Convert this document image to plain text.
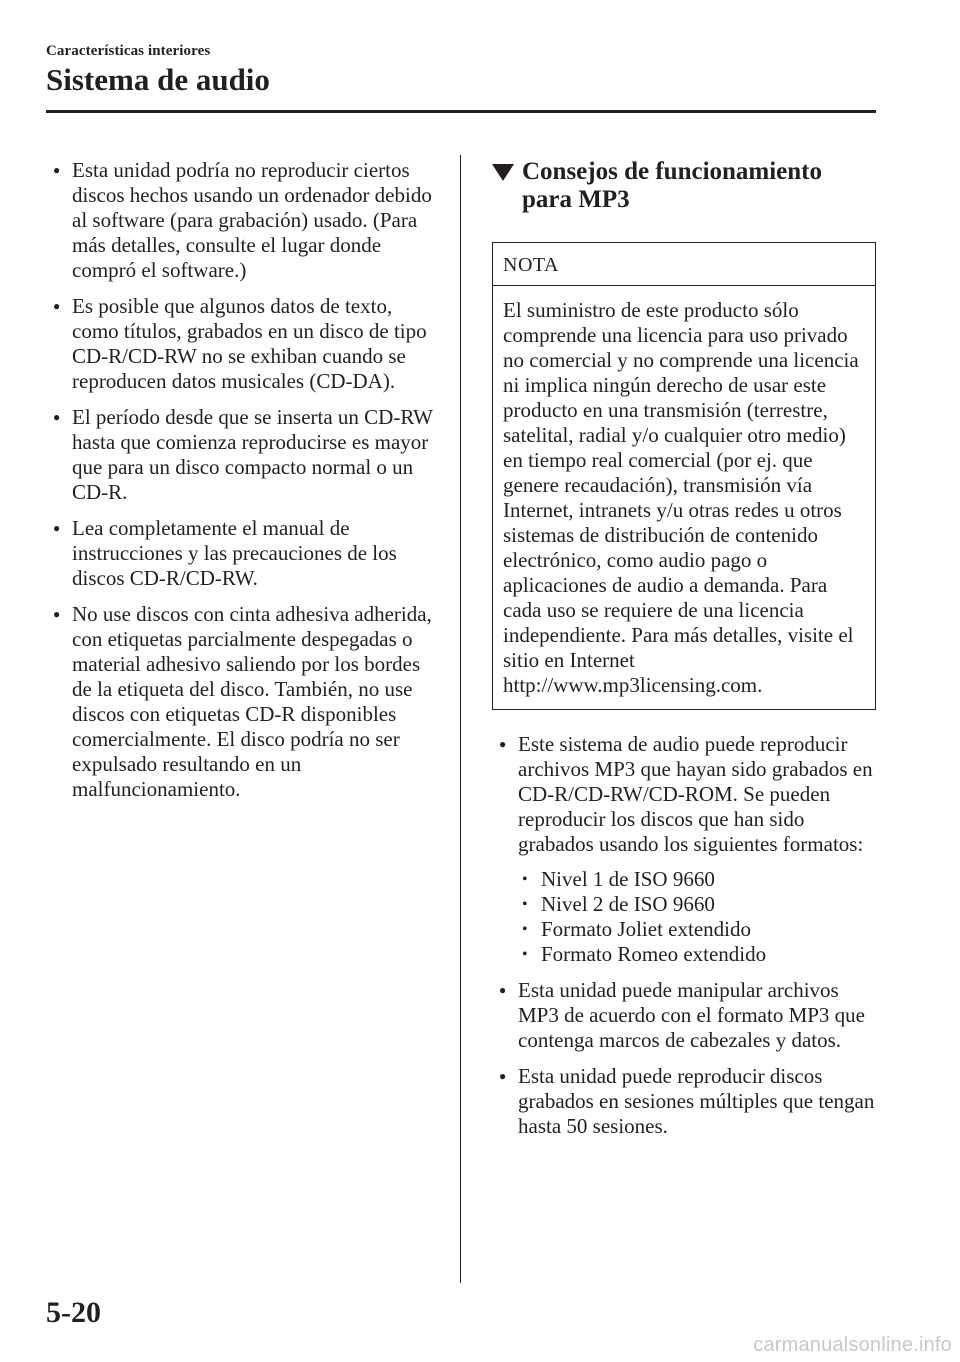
Características interiores
Sistema de audio
● Esta unidad podría no reproducir ciertos discos hechos usando un ordenador debido al software (para grabación) usado. (Para más detalles, consulte el lugar donde compró el software.)
● Es posible que algunos datos de texto, como títulos, grabados en un disco de tipo CD-R/CD-RW no se exhiban cuando se reproducen datos musicales (CD-DA).
● El período desde que se inserta un CD-RW hasta que comienza reproducirse es mayor que para un disco compacto normal o un CD-R.
● Lea completamente el manual de instrucciones y las precauciones de los discos CD-R/CD-RW.
● No use discos con cinta adhesiva adherida, con etiquetas parcialmente despegadas o material adhesivo saliendo por los bordes de la etiqueta del disco. También, no use discos con etiquetas CD-R disponibles comercialmente. El disco podría no ser expulsado resultando en un malfuncionamiento.
Consejos de funcionamiento para MP3
NOTA
El suministro de este producto sólo comprende una licencia para uso privado no comercial y no comprende una licencia ni implica ningún derecho de usar este producto en una transmisión (terrestre, satelital, radial y/o cualquier otro medio) en tiempo real comercial (por ej. que genere recaudación), transmisión vía Internet, intranets y/u otras redes u otros sistemas de distribución de contenido electrónico, como audio pago o aplicaciones de audio a demanda. Para cada uso se requiere de una licencia independiente. Para más detalles, visite el sitio en Internet http://www.mp3licensing.com.
● Este sistema de audio puede reproducir archivos MP3 que hayan sido grabados en CD-R/CD-RW/CD-ROM. Se pueden reproducir los discos que han sido grabados usando los siguientes formatos:
• Nivel 1 de ISO 9660
• Nivel 2 de ISO 9660
• Formato Joliet extendido
• Formato Romeo extendido
● Esta unidad puede manipular archivos MP3 de acuerdo con el formato MP3 que contenga marcos de cabezales y datos.
● Esta unidad puede reproducir discos grabados en sesiones múltiples que tengan hasta 50 sesiones.
5-20
carmanualsonline.info
